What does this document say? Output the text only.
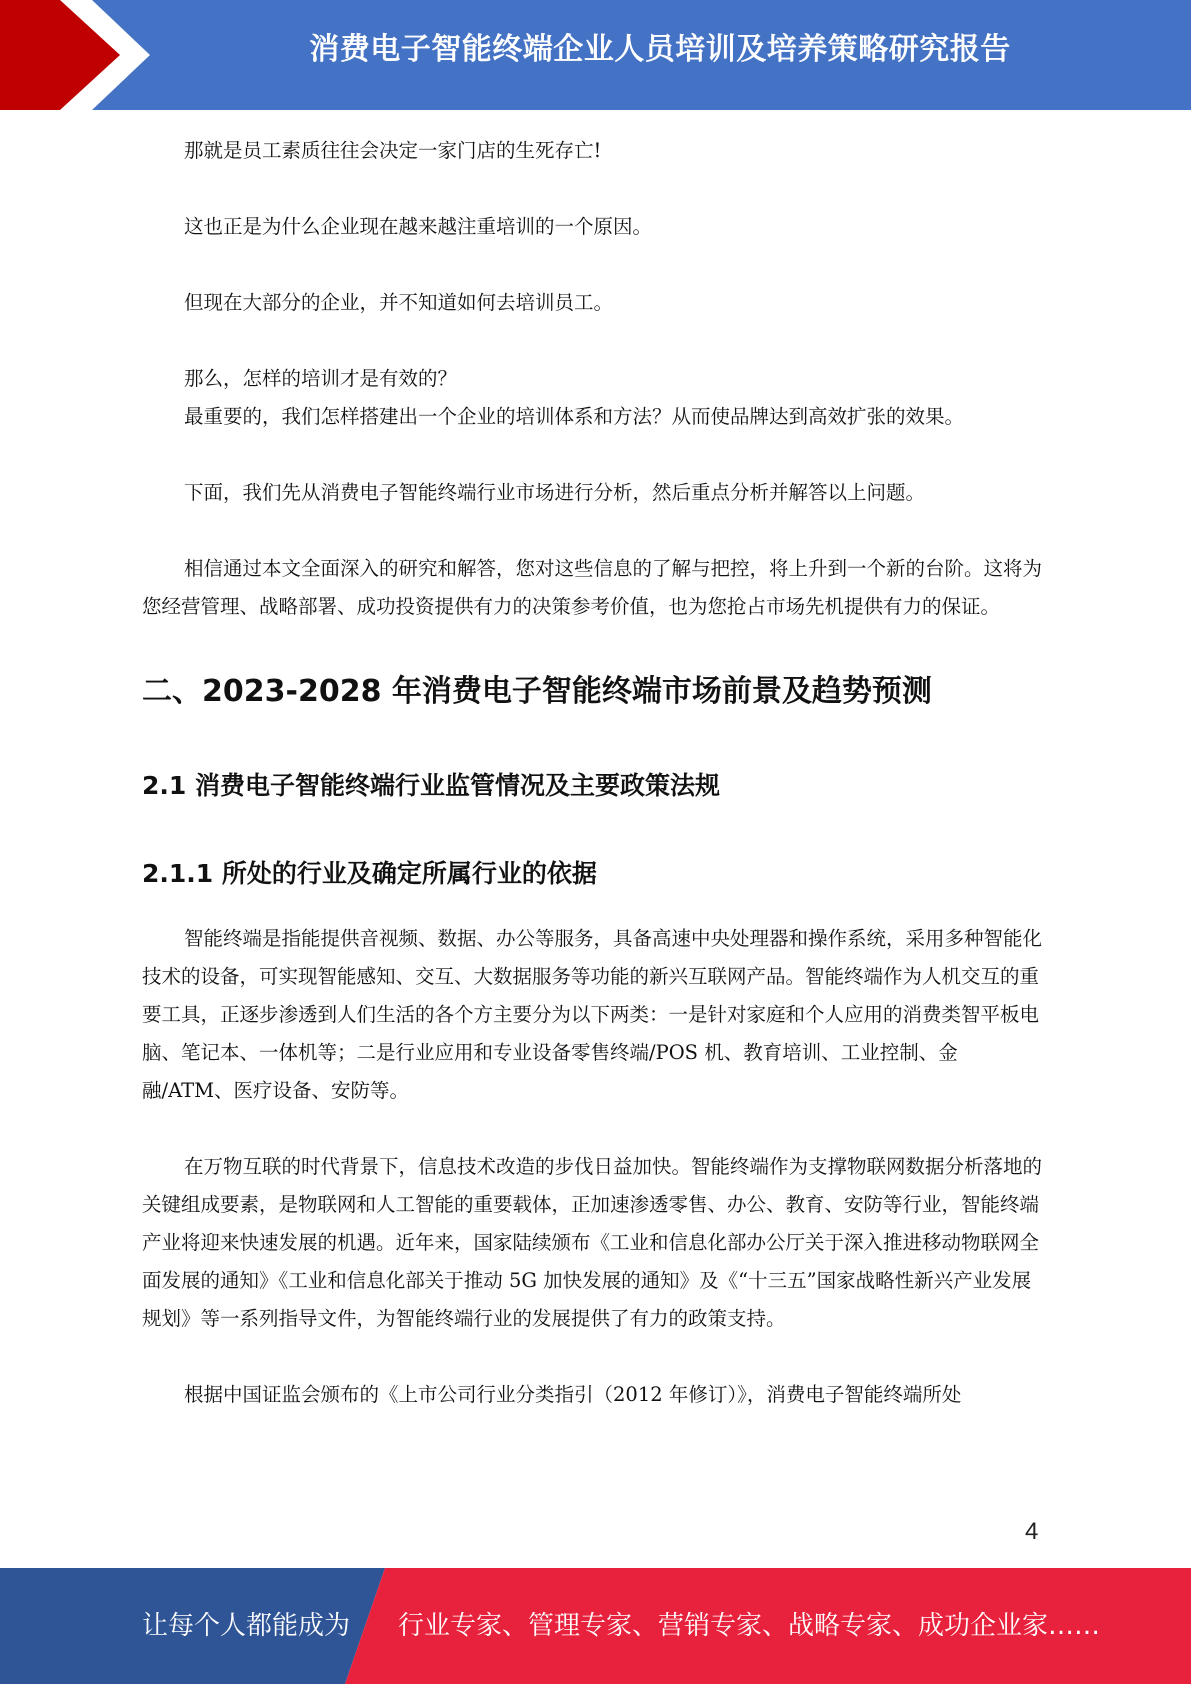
消费电子智能终端企业人员培训及培养策略研究报告

那就是员工素质往往会决定一家门店的生死存亡!

这也正是为什么企业现在越来越注重培训的一个原因。

但现在大部分的企业，并不知道如何去培训员工。

那么，怎样的培训才是有效的？

最重要的，我们怎样搭建出一个企业的培训体系和方法？从而使品牌达到高效扩张的效果。

下面，我们先从消费电子智能终端行业市场进行分析，然后重点分析并解答以上问题。

相信通过本文全面深入的研究和解答，您对这些信息的了解与把控，将上升到一个新的台阶。这将为您经营管理、战略部署、成功投资提供有力的决策参考价值，也为您抢占市场先机提供有力的保证。

二、2023-2028 年消费电子智能终端市场前景及趋势预测
2.1 消费电子智能终端行业监管情况及主要政策法规
2.1.1 所处的行业及确定所属行业的依据

智能终端是指能提供音视频、数据、办公等服务，具备高速中央处理器和操作系统，采用多种智能化技术的设备，可实现智能感知、交互、大数据服务等功能的新兴互联网产品。智能终端作为人机交互的重要工具，正逐步渗透到人们生活的各个方主要分为以下两类：一是针对家庭和个人应用的消费类智平板电脑、笔记本、一体机等；二是行业应用和专业设备零售终端/POS 机、教育培训、工业控制、金融/ATM、医疗设备、安防等。

在万物互联的时代背景下，信息技术改造的步伐日益加快。智能终端作为支撑物联网数据分析落地的关键组成要素，是物联网和人工智能的重要载体，正加速渗透零售、办公、教育、安防等行业，智能终端产业将迎来快速发展的机遇。近年来，国家陆续颁布《工业和信息化部办公厅关于深入推进移动物联网全面发展的通知》《工业和信息化部关于推动 5G 加快发展的通知》及《“十三五”国家战略性新兴产业发展规划》等一系列指导文件，为智能终端行业的发展提供了有力的政策支持。

根据中国证监会颁布的《上市公司行业分类指引（2012 年修订）》，消费电子智能终端所处

4
让每个人都能成为 行业专家、管理专家、营销专家、战略专家、成功企业家……
